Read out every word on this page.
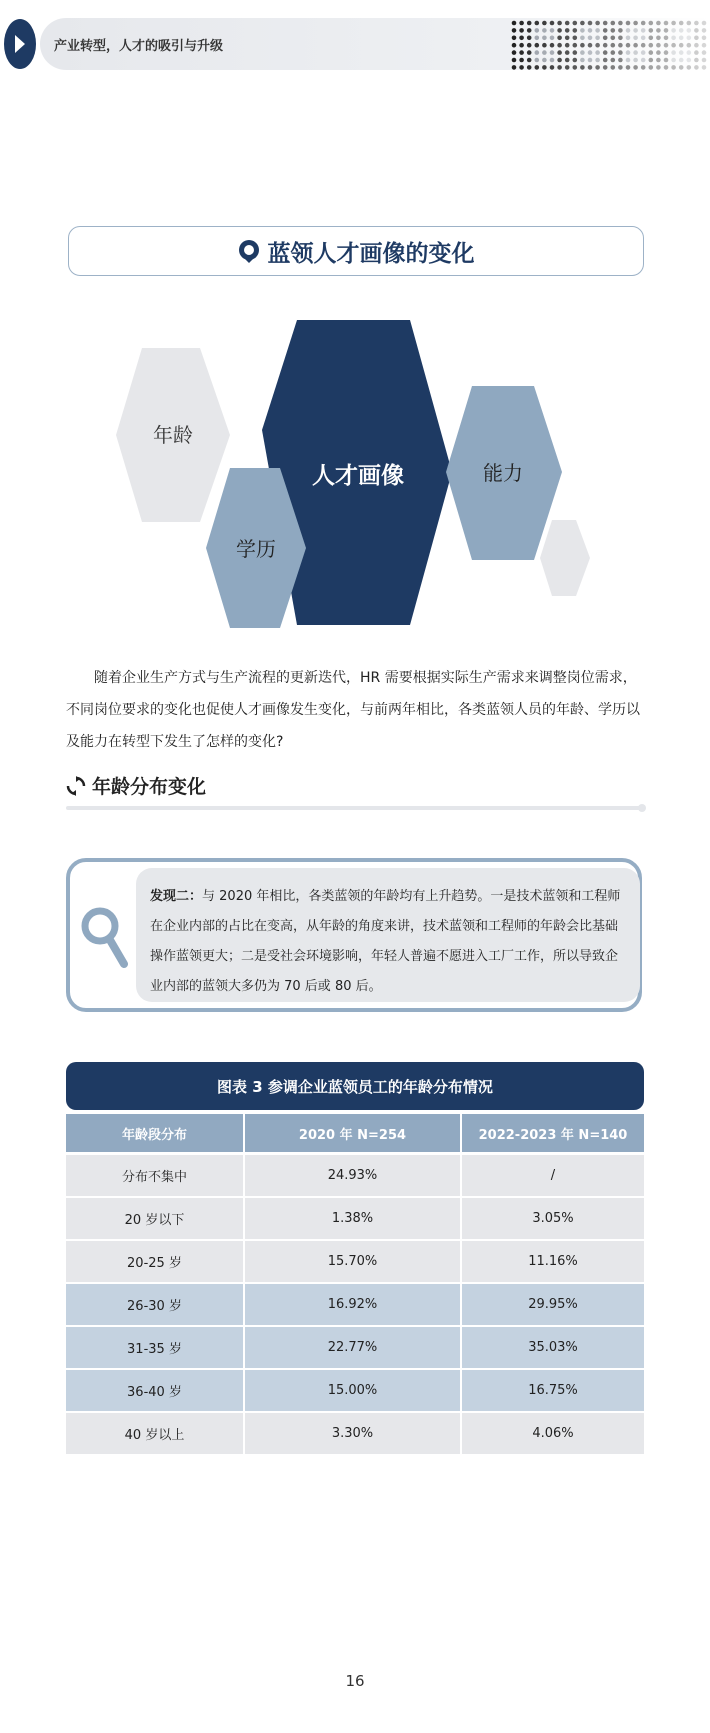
产业转型，人才的吸引与升级
蓝领人才画像的变化
年龄
人才画像
学历
能力

随着企业生产方式与生产流程的更新迭代，HR 需要根据实际生产需求来调整岗位需求，不同岗位要求的变化也促使人才画像发生变化，与前两年相比，各类蓝领人员的年龄、学历以及能力在转型下发生了怎样的变化?

年龄分布变化
发现二：与 2020 年相比，各类蓝领的年龄均有上升趋势。一是技术蓝领和工程师在企业内部的占比在变高，从年龄的角度来讲，技术蓝领和工程师的年龄会比基础操作蓝领更大；二是受社会环境影响，年轻人普遍不愿进入工厂工作，所以导致企业内部的蓝领大多仍为 70 后或 80 后。
图表 3 参调企业蓝领员工的年龄分布情况
年龄段分布	2020 年 N=254	2022-2023 年 N=140
分布不集中	24.93%	/
20 岁以下	1.38%	3.05%
20-25 岁	15.70%	11.16%
26-30 岁	16.92%	29.95%
31-35 岁	22.77%	35.03%
36-40 岁	15.00%	16.75%
40 岁以上	3.30%	4.06%
16
